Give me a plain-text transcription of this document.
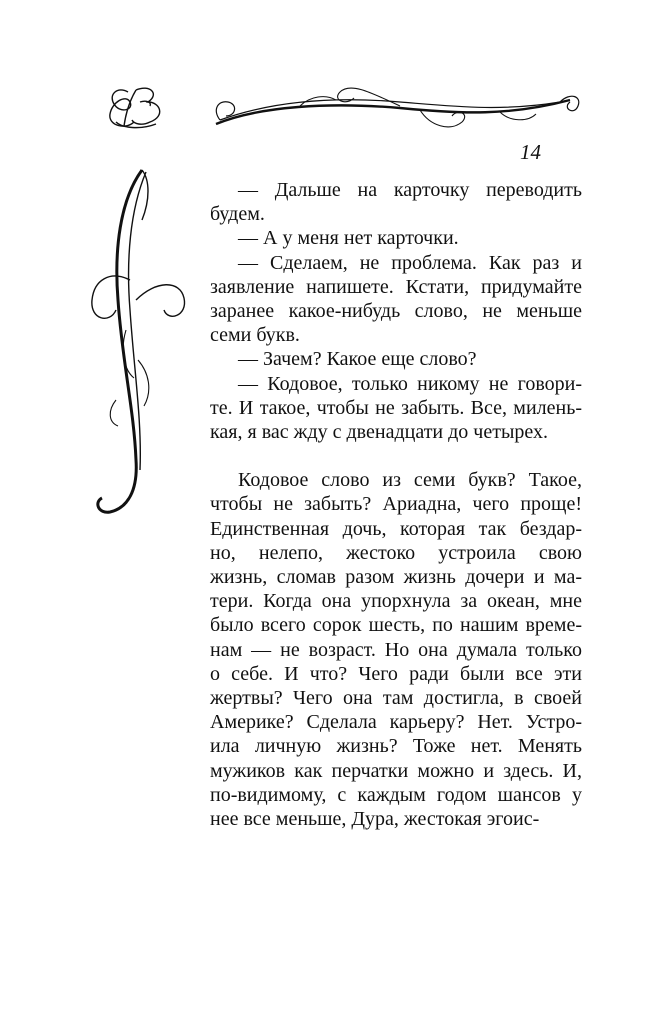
14
— Дальше на карточку переводить
будем.
— А у меня нет карточки.
— Сделаем, не проблема. Как раз и
заявление напишете. Кстати, придумайте
заранее какое-нибудь слово, не меньше
семи букв.
— Зачем? Какое еще слово?
— Кодовое, только никому не говори-
те. И такое, чтобы не забыть. Все, милень-
кая, я вас жду с двенадцати до четырех.
Кодовое слово из семи букв? Такое,
чтобы не забыть? Ариадна, чего проще!
Единственная дочь, которая так бездар-
но, нелепо, жестоко устроила свою
жизнь, сломав разом жизнь дочери и ма-
тери. Когда она упорхнула за океан, мне
было всего сорок шесть, по нашим време-
нам — не возраст. Но она думала только
о себе. И что? Чего ради были все эти
жертвы? Чего она там достигла, в своей
Америке? Сделала карьеру? Нет. Устро-
ила личную жизнь? Тоже нет. Менять
мужиков как перчатки можно и здесь. И,
по-видимому, с каждым годом шансов у
нее все меньше, Дура, жестокая эгоис-
